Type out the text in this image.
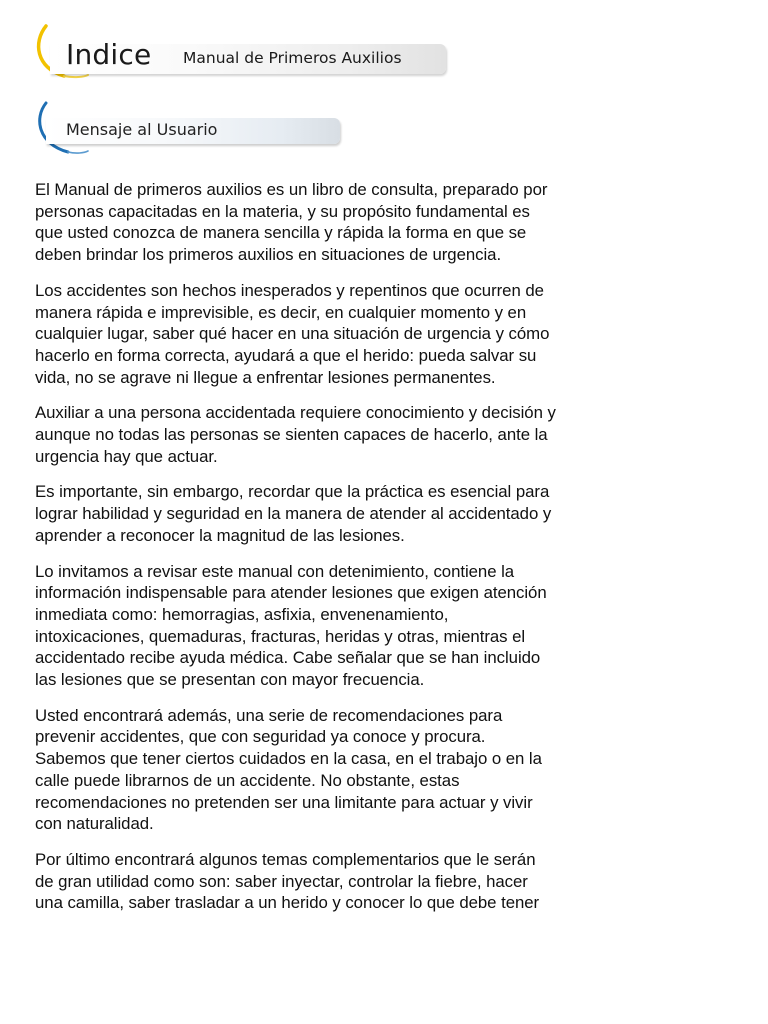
Indice Manual de Primeros Auxilios
Mensaje al Usuario

El Manual de primeros auxilios es un libro de consulta, preparado por
personas capacitadas en la materia, y su propósito fundamental es
que usted conozca de manera sencilla y rápida la forma en que se
deben brindar los primeros auxilios en situaciones de urgencia.

Los accidentes son hechos inesperados y repentinos que ocurren de
manera rápida e imprevisible, es decir, en cualquier momento y en
cualquier lugar, saber qué hacer en una situación de urgencia y cómo
hacerlo en forma correcta, ayudará a que el herido: pueda salvar su
vida, no se agrave ni llegue a enfrentar lesiones permanentes.

Auxiliar a una persona accidentada requiere conocimiento y decisión y
aunque no todas las personas se sienten capaces de hacerlo, ante la
urgencia hay que actuar.

Es importante, sin embargo, recordar que la práctica es esencial para
lograr habilidad y seguridad en la manera de atender al accidentado y
aprender a reconocer la magnitud de las lesiones.

Lo invitamos a revisar este manual con detenimiento, contiene la
información indispensable para atender lesiones que exigen atención
inmediata como: hemorragias, asfixia, envenenamiento,
intoxicaciones, quemaduras, fracturas, heridas y otras, mientras el
accidentado recibe ayuda médica. Cabe señalar que se han incluido
las lesiones que se presentan con mayor frecuencia.

Usted encontrará además, una serie de recomendaciones para
prevenir accidentes, que con seguridad ya conoce y procura.
Sabemos que tener ciertos cuidados en la casa, en el trabajo o en la
calle puede librarnos de un accidente. No obstante, estas
recomendaciones no pretenden ser una limitante para actuar y vivir
con naturalidad.

Por último encontrará algunos temas complementarios que le serán
de gran utilidad como son: saber inyectar, controlar la fiebre, hacer
una camilla, saber trasladar a un herido y conocer lo que debe tener
